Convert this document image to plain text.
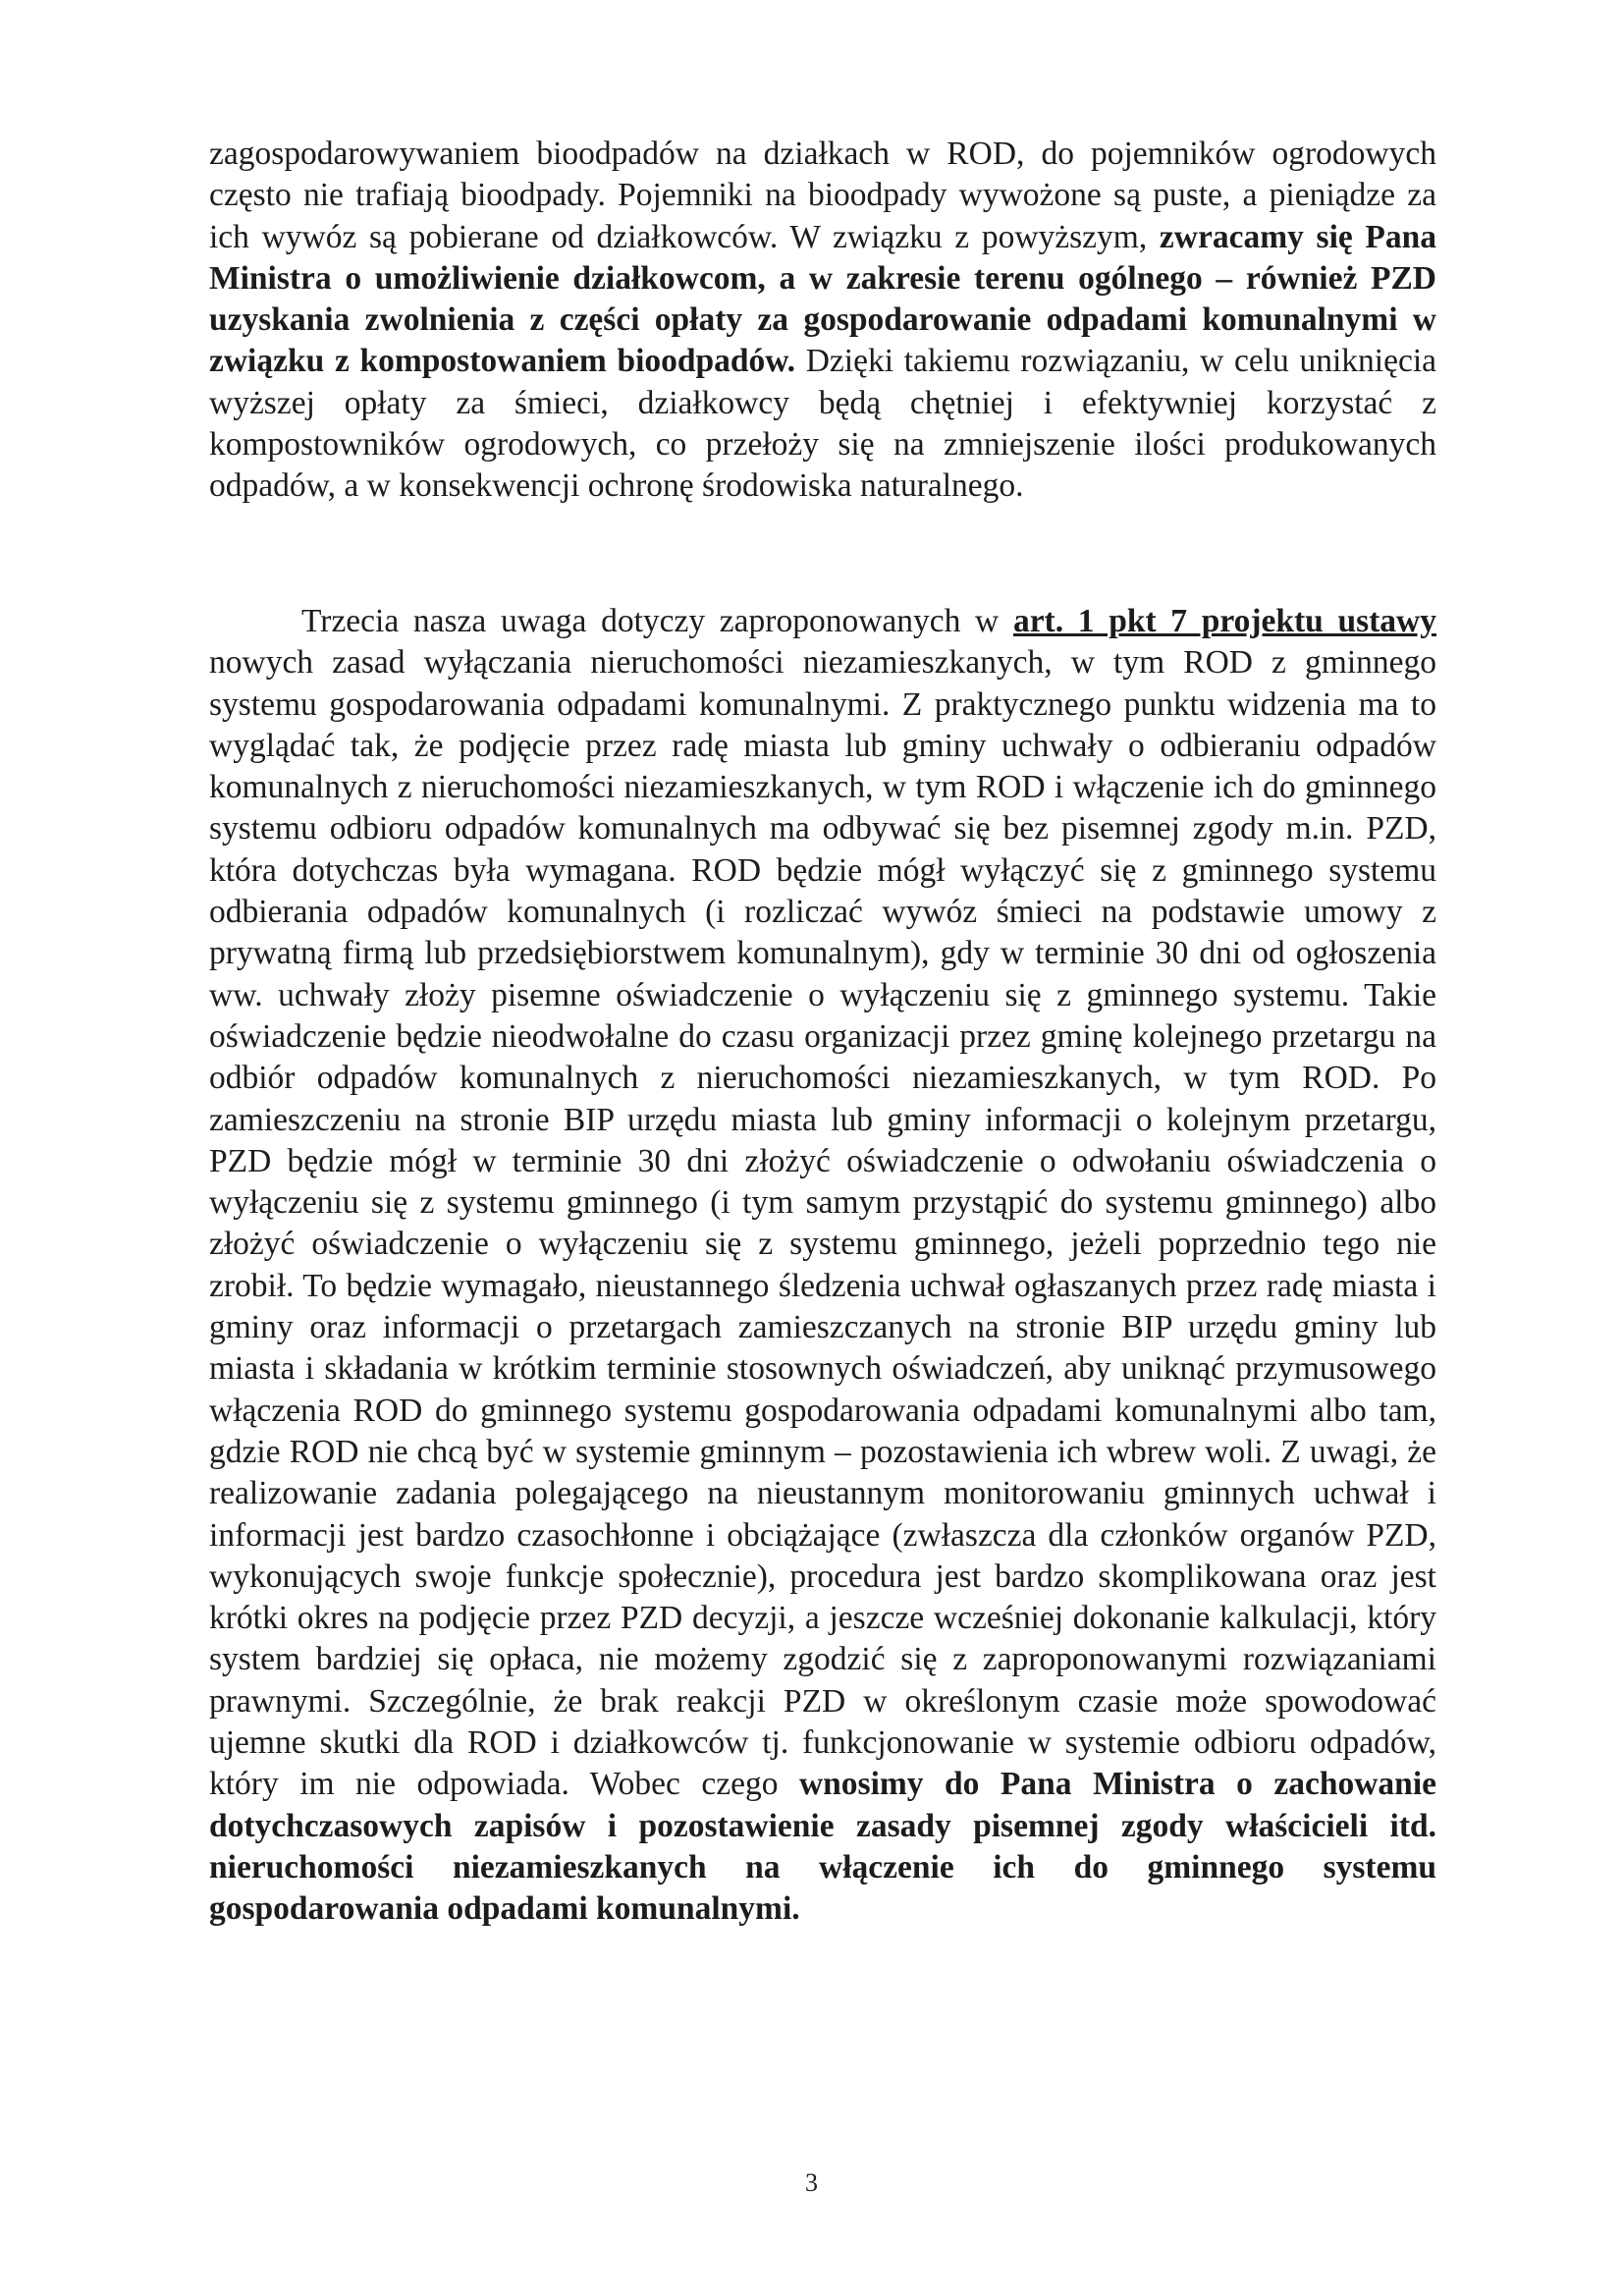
zagospodarowywaniem bioodpadów na działkach w ROD, do pojemników ogrodowych często nie trafiają bioodpady. Pojemniki na bioodpady wywożone są puste, a pieniądze za ich wywóz są pobierane od działkowców. W związku z powyższym, zwracamy się Pana Ministra o umożliwienie działkowcom, a w zakresie terenu ogólnego – również PZD uzyskania zwolnienia z części opłaty za gospodarowanie odpadami komunalnymi w związku z kompostowaniem bioodpadów. Dzięki takiemu rozwiązaniu, w celu uniknięcia wyższej opłaty za śmieci, działkowcy będą chętniej i efektywniej korzystać z kompostowników ogrodowych, co przełoży się na zmniejszenie ilości produkowanych odpadów, a w konsekwencji ochronę środowiska naturalnego.
Trzecia nasza uwaga dotyczy zaproponowanych w art. 1 pkt 7 projektu ustawy nowych zasad wyłączania nieruchomości niezamieszkanych, w tym ROD z gminnego systemu gospodarowania odpadami komunalnymi. Z praktycznego punktu widzenia ma to wyglądać tak, że podjęcie przez radę miasta lub gminy uchwały o odbieraniu odpadów komunalnych z nieruchomości niezamieszkanych, w tym ROD i włączenie ich do gminnego systemu odbioru odpadów komunalnych ma odbywać się bez pisemnej zgody m.in. PZD, która dotychczas była wymagana. ROD będzie mógł wyłączyć się z gminnego systemu odbierania odpadów komunalnych (i rozliczać wywóz śmieci na podstawie umowy z prywatną firmą lub przedsiębiorstwem komunalnym), gdy w terminie 30 dni od ogłoszenia ww. uchwały złoży pisemne oświadczenie o wyłączeniu się z gminnego systemu. Takie oświadczenie będzie nieodwołalne do czasu organizacji przez gminę kolejnego przetargu na odbiór odpadów komunalnych z nieruchomości niezamieszkanych, w tym ROD. Po zamieszczeniu na stronie BIP urzędu miasta lub gminy informacji o kolejnym przetargu, PZD będzie mógł w terminie 30 dni złożyć oświadczenie o odwołaniu oświadczenia o wyłączeniu się z systemu gminnego (i tym samym przystąpić do systemu gminnego) albo złożyć oświadczenie o wyłączeniu się z systemu gminnego, jeżeli poprzednio tego nie zrobił. To będzie wymagało, nieustannego śledzenia uchwał ogłaszanych przez radę miasta i gminy oraz informacji o przetargach zamieszczanych na stronie BIP urzędu gminy lub miasta i składania w krótkim terminie stosownych oświadczeń, aby uniknąć przymusowego włączenia ROD do gminnego systemu gospodarowania odpadami komunalnymi albo tam, gdzie ROD nie chcą być w systemie gminnym – pozostawienia ich wbrew woli. Z uwagi, że realizowanie zadania polegającego na nieustannym monitorowaniu gminnych uchwał i informacji jest bardzo czasochłonne i obciążające (zwłaszcza dla członków organów PZD, wykonujących swoje funkcje społecznie), procedura jest bardzo skomplikowana oraz jest krótki okres na podjęcie przez PZD decyzji, a jeszcze wcześniej dokonanie kalkulacji, który system bardziej się opłaca, nie możemy zgodzić się z zaproponowanymi rozwiązaniami prawnymi. Szczególnie, że brak reakcji PZD w określonym czasie może spowodować ujemne skutki dla ROD i działkowców tj. funkcjonowanie w systemie odbioru odpadów, który im nie odpowiada. Wobec czego wnosimy do Pana Ministra o zachowanie dotychczasowych zapisów i pozostawienie zasady pisemnej zgody właścicieli itd. nieruchomości niezamieszkanych na włączenie ich do gminnego systemu gospodarowania odpadami komunalnymi.
3
